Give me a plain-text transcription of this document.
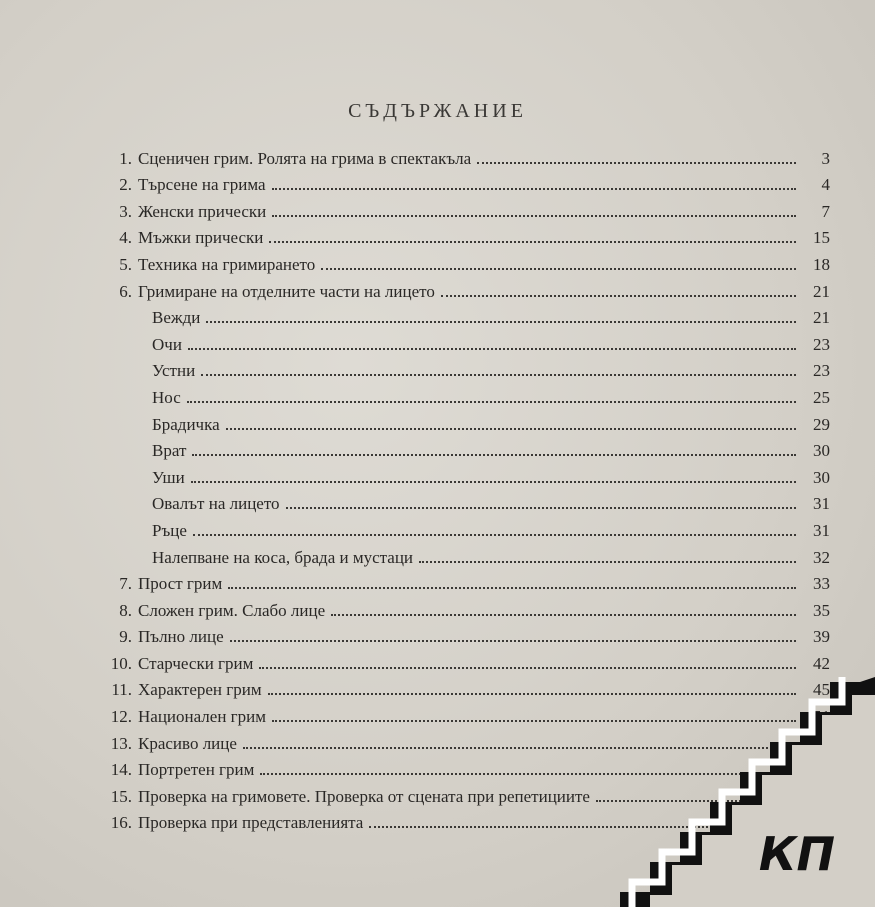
СЪДЪРЖАНИЕ
1. Сценичен грим. Ролята на грима в спектакъла	3
2. Търсене на грима	4
3. Женски прически	7
4. Мъжки прически	15
5. Техника на гримирането	18
6. Гримиране на отделните части на лицето	21
Вежди	21
Очи	23
Устни	23
Нос	25
Брадичка	29
Врат	30
Уши	30
Овалът на лицето	31
Ръце	31
Налепване на коса, брада и мустаци	32
7. Прост грим	33
8. Сложен грим. Слабо лице	35
9. Пълно лице	39
10. Старчески грим	42
11. Характерен грим	45
12. Национален грим
13. Красиво лице
14. Портретен грим
15. Проверка на гримовете. Проверка от сцената при репетициите
16. Проверка при представленията
КП
